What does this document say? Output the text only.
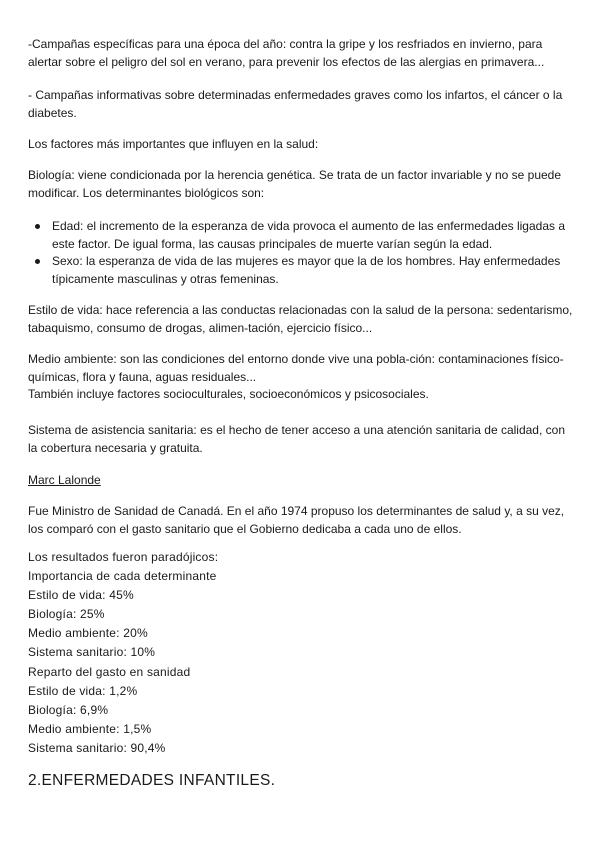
-Campañas específicas para una época del año: contra la gripe y los resfriados en invierno, para alertar sobre el peligro del sol en verano, para prevenir los efectos de las alergias en primavera...

- Campañas informativas sobre determinadas enfermedades graves como los infartos, el cáncer o la diabetes.

Los factores más importantes que influyen en la salud:

Biología: viene condicionada por la herencia genética. Se trata de un factor invariable y no se puede modificar. Los determinantes biológicos son:

Edad: el incremento de la esperanza de vida provoca el aumento de las enfermedades ligadas a este factor. De igual forma, las causas principales de muerte varían según la edad.
Sexo: la esperanza de vida de las mujeres es mayor que la de los hombres. Hay enfermedades típicamente masculinas y otras femeninas.

Estilo de vida: hace referencia a las conductas relacionadas con la salud de la persona: sedentarismo, tabaquismo, consumo de drogas, alimen-tación, ejercicio físico...

Medio ambiente: son las condiciones del entorno donde vive una pobla-ción: contaminaciones físico-químicas, flora y fauna, aguas residuales...

También incluye factores socioculturales, socioeconómicos y psicosociales.

Sistema de asistencia sanitaria: es el hecho de tener acceso a una atención sanitaria de calidad, con la cobertura necesaria y gratuita.

Marc Lalonde

Fue Ministro de Sanidad de Canadá. En el año 1974 propuso los determinantes de salud y, a su vez, los comparó con el gasto sanitario que el Gobierno dedicaba a cada uno de ellos.

Los resultados fueron paradójicos:
Importancia de cada determinante
Estilo de vida: 45%
Biología: 25%
Medio ambiente: 20%
Sistema sanitario: 10%
Reparto del gasto en sanidad
Estilo de vida: 1,2%
Biología: 6,9%
Medio ambiente: 1,5%
Sistema sanitario: 90,4%
2.ENFERMEDADES INFANTILES.
